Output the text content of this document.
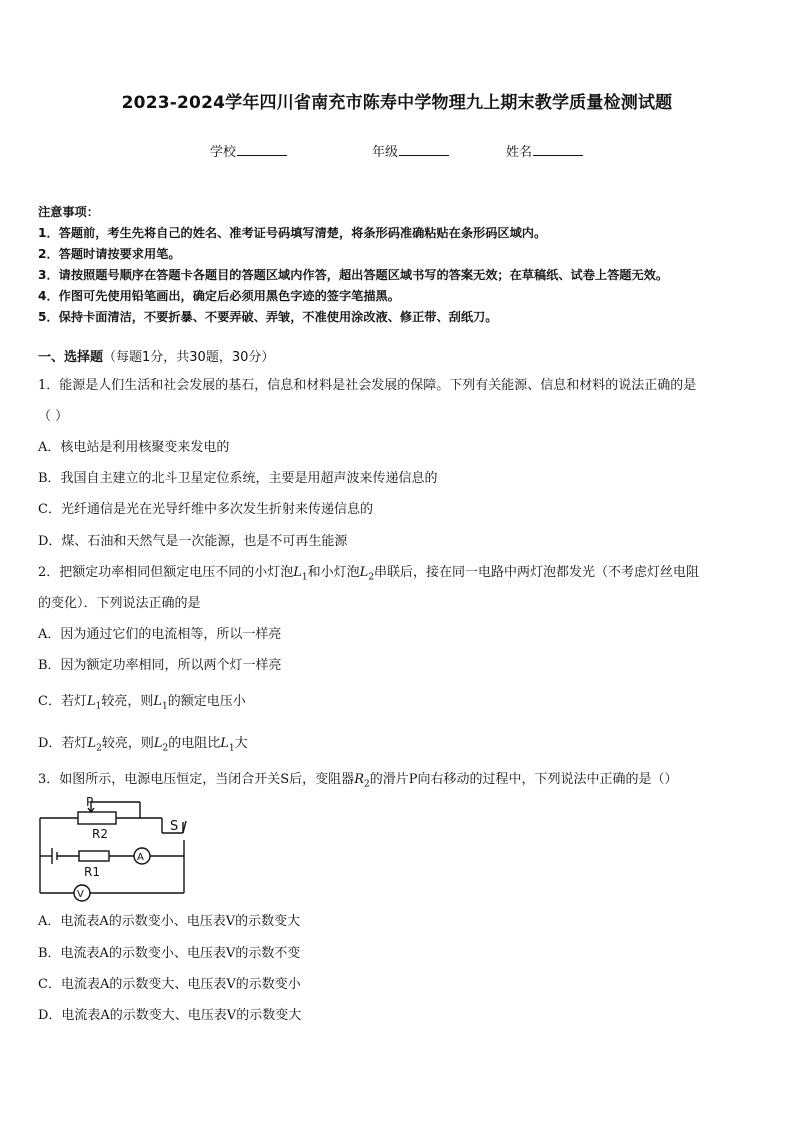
2023-2024学年四川省南充市陈寿中学物理九上期末教学质量检测试题
学校	年级	姓名
注意事项：
1．答题前，考生先将自己的姓名、准考证号码填写清楚，将条形码准确粘贴在条形码区域内。
2．答题时请按要求用笔。
3．请按照题号顺序在答题卡各题目的答题区域内作答，超出答题区域书写的答案无效；在草稿纸、试卷上答题无效。
4．作图可先使用铅笔画出，确定后必须用黑色字迹的签字笔描黑。
5．保持卡面清洁，不要折暴、不要弄破、弄皱，不准使用涂改液、修正带、刮纸刀。
一、选择题（每题1分，共30题，30分）
1．能源是人们生活和社会发展的基石，信息和材料是社会发展的保障。下列有关能源、信息和材料的说法正确的是
（ ）
A．核电站是利用核聚变来发电的
B．我国自主建立的北斗卫星定位系统，主要是用超声波来传递信息的
C．光纤通信是光在光导纤维中多次发生折射来传递信息的
D．煤、石油和天然气是一次能源，也是不可再生能源
2．把额定功率相同但额定电压不同的小灯泡$L_1$和小灯泡$L_2$串联后，接在同一电路中两灯泡都发光（不考虑灯丝电阻
的变化）．下列说法正确的是
A．因为通过它们的电流相等，所以一样亮
B．因为额定功率相同，所以两个灯一样亮
C．若灯$L_1$较亮，则$L_1$的额定电压小
D．若灯$L_2$较亮，则$L_2$的电阻比$L_1$大
3．如图所示，电源电压恒定，当闭合开关S后，变阻器$R_2$的滑片P向右移动的过程中，下列说法中正确的是（）
P
R2	S
R1
A
V
A．电流表A的示数变小、电压表V的示数变大
B．电流表A的示数变小、电压表V的示数不变
C．电流表A的示数变大、电压表V的示数变小
D．电流表A的示数变大、电压表V的示数变大
